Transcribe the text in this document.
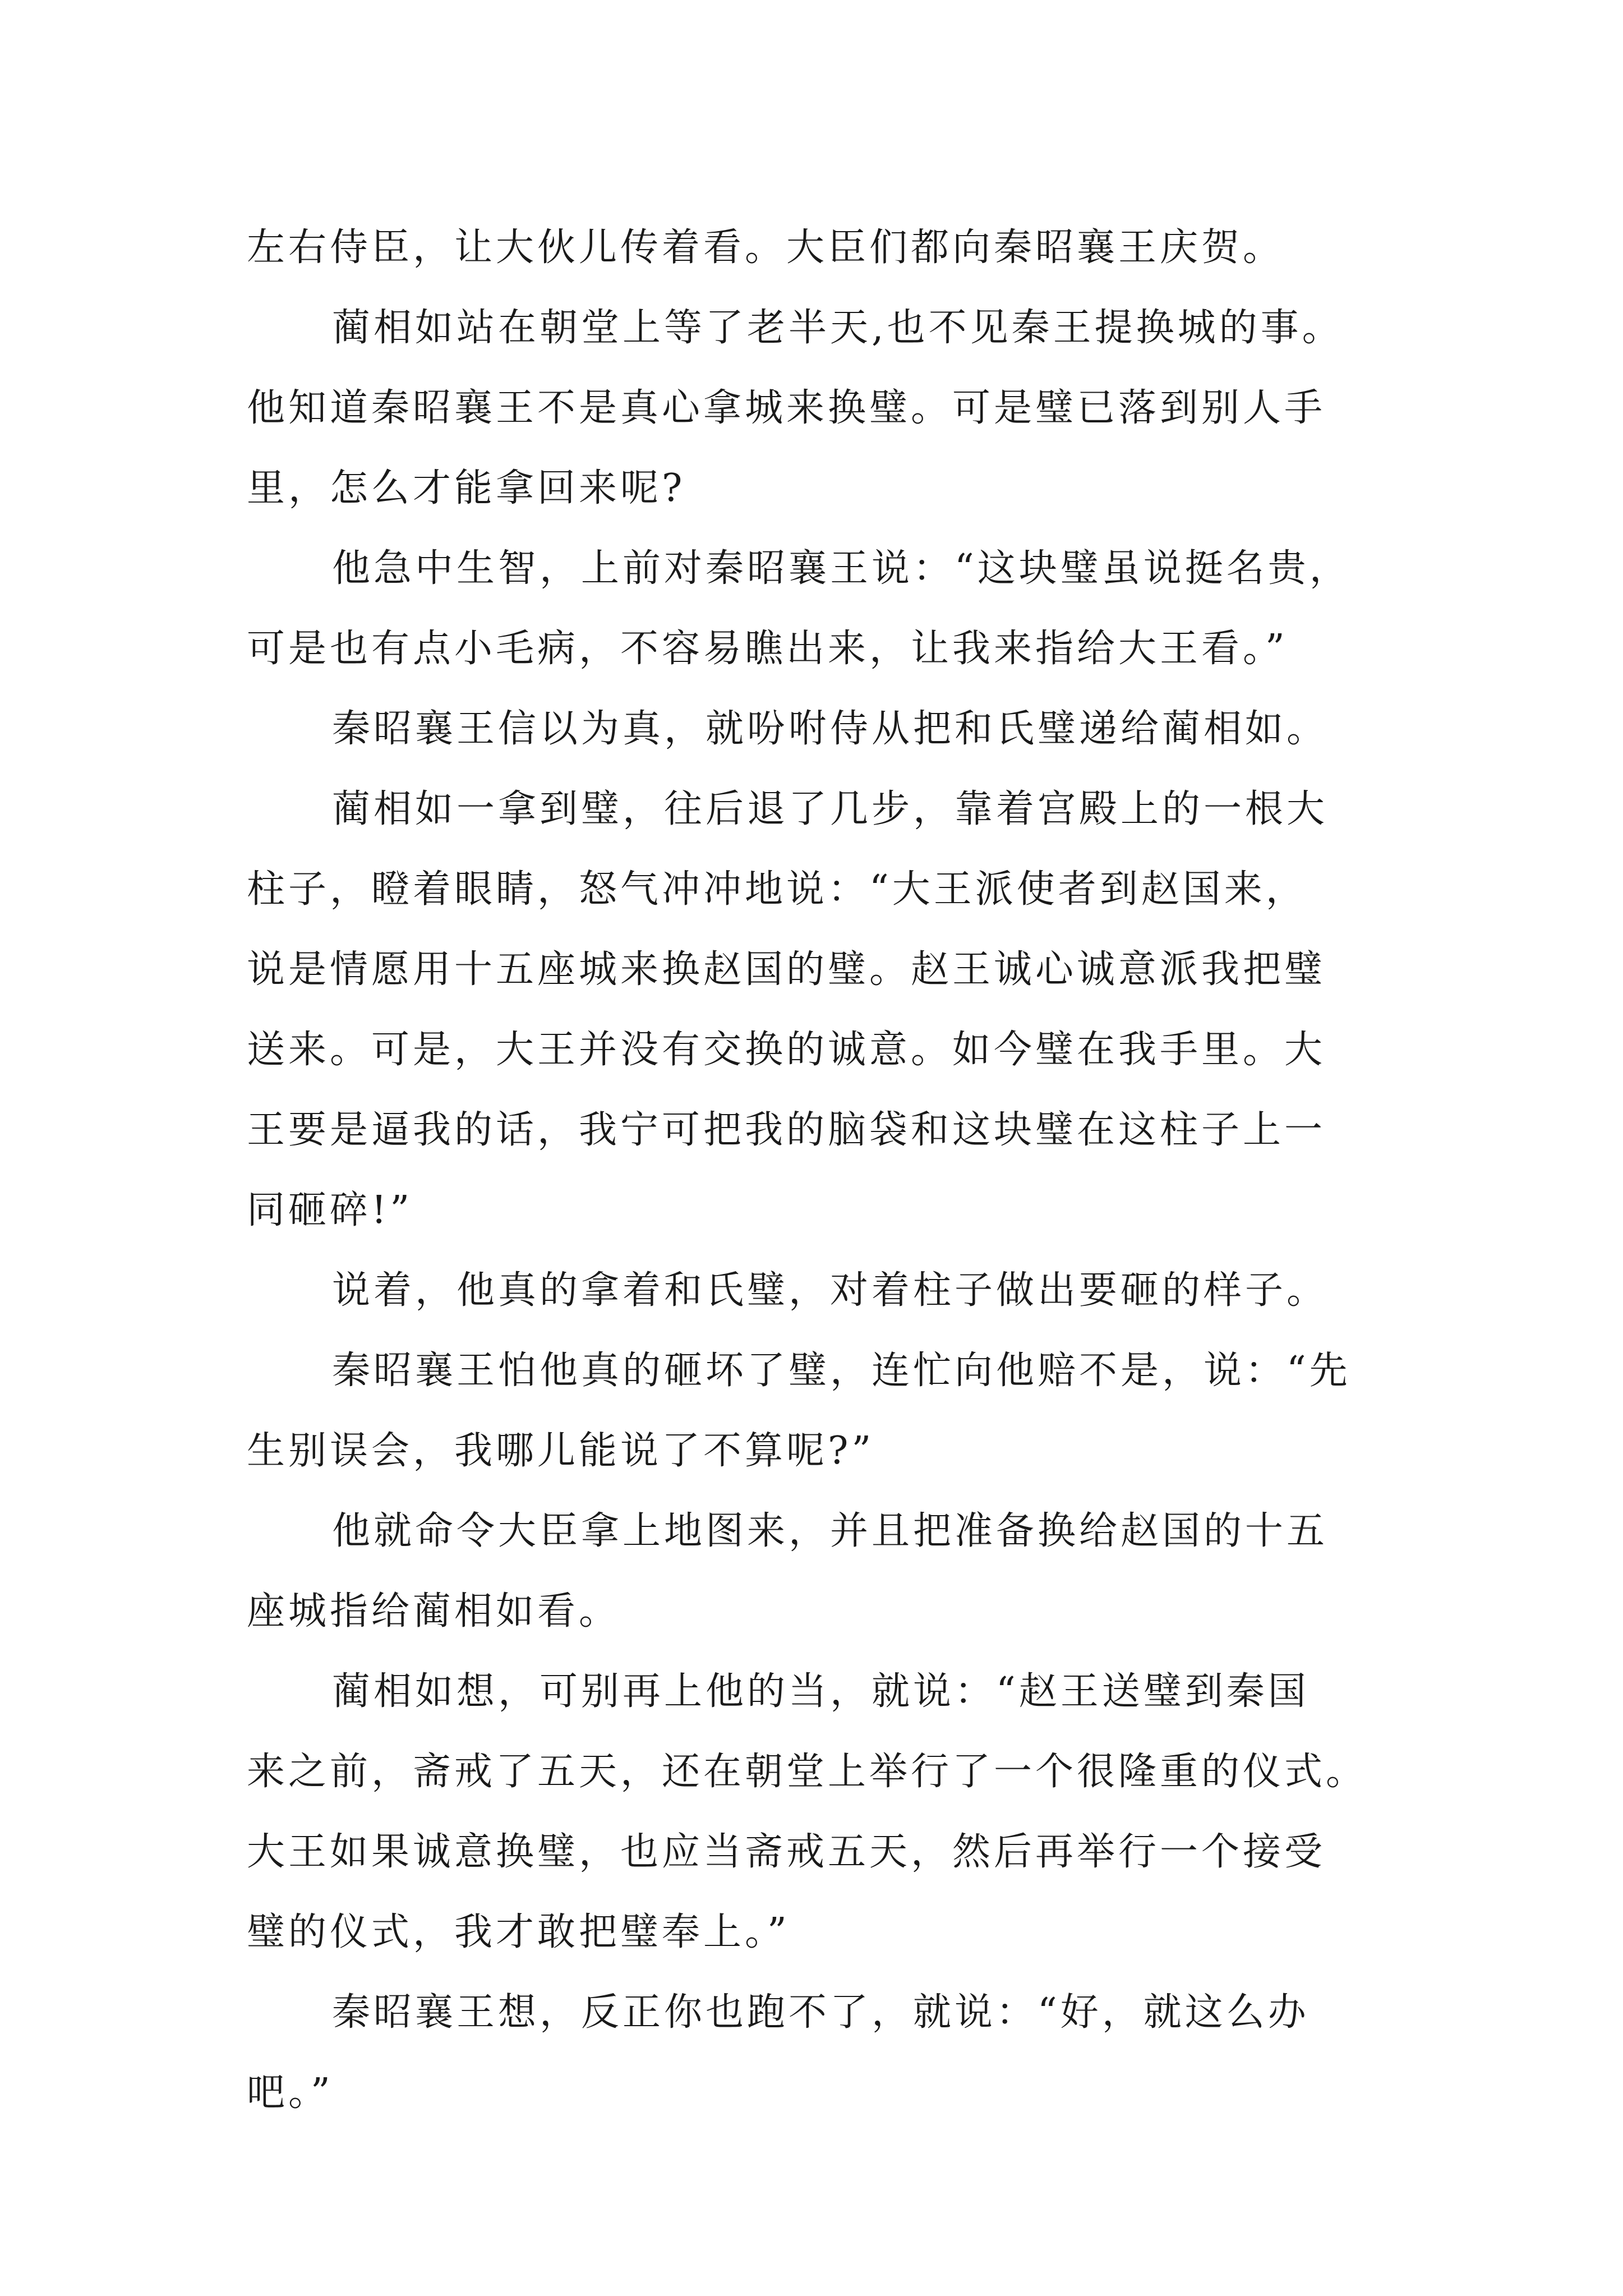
左右侍臣，让大伙儿传着看。大臣们都向秦昭襄王庆贺。
蔺相如站在朝堂上等了老半天,也不见秦王提换城的事。
他知道秦昭襄王不是真心拿城来换璧。可是璧已落到别人手
里，怎么才能拿回来呢?
他急中生智，上前对秦昭襄王说：“这块璧虽说挺名贵，
可是也有点小毛病，不容易瞧出来，让我来指给大王看。”
秦昭襄王信以为真，就吩咐侍从把和氏璧递给蔺相如。
蔺相如一拿到璧，往后退了几步，靠着宫殿上的一根大
柱子，瞪着眼睛，怒气冲冲地说：“大王派使者到赵国来，
说是情愿用十五座城来换赵国的璧。赵王诚心诚意派我把璧
送来。可是，大王并没有交换的诚意。如今璧在我手里。大
王要是逼我的话，我宁可把我的脑袋和这块璧在这柱子上一
同砸碎!”
说着，他真的拿着和氏璧，对着柱子做出要砸的样子。
秦昭襄王怕他真的砸坏了璧，连忙向他赔不是，说：“先
生别误会，我哪儿能说了不算呢?”
他就命令大臣拿上地图来，并且把准备换给赵国的十五
座城指给蔺相如看。
蔺相如想，可别再上他的当，就说：“赵王送璧到秦国
来之前，斋戒了五天，还在朝堂上举行了一个很隆重的仪式。
大王如果诚意换璧，也应当斋戒五天，然后再举行一个接受
璧的仪式，我才敢把璧奉上。”
秦昭襄王想，反正你也跑不了，就说：“好，就这么办
吧。”
